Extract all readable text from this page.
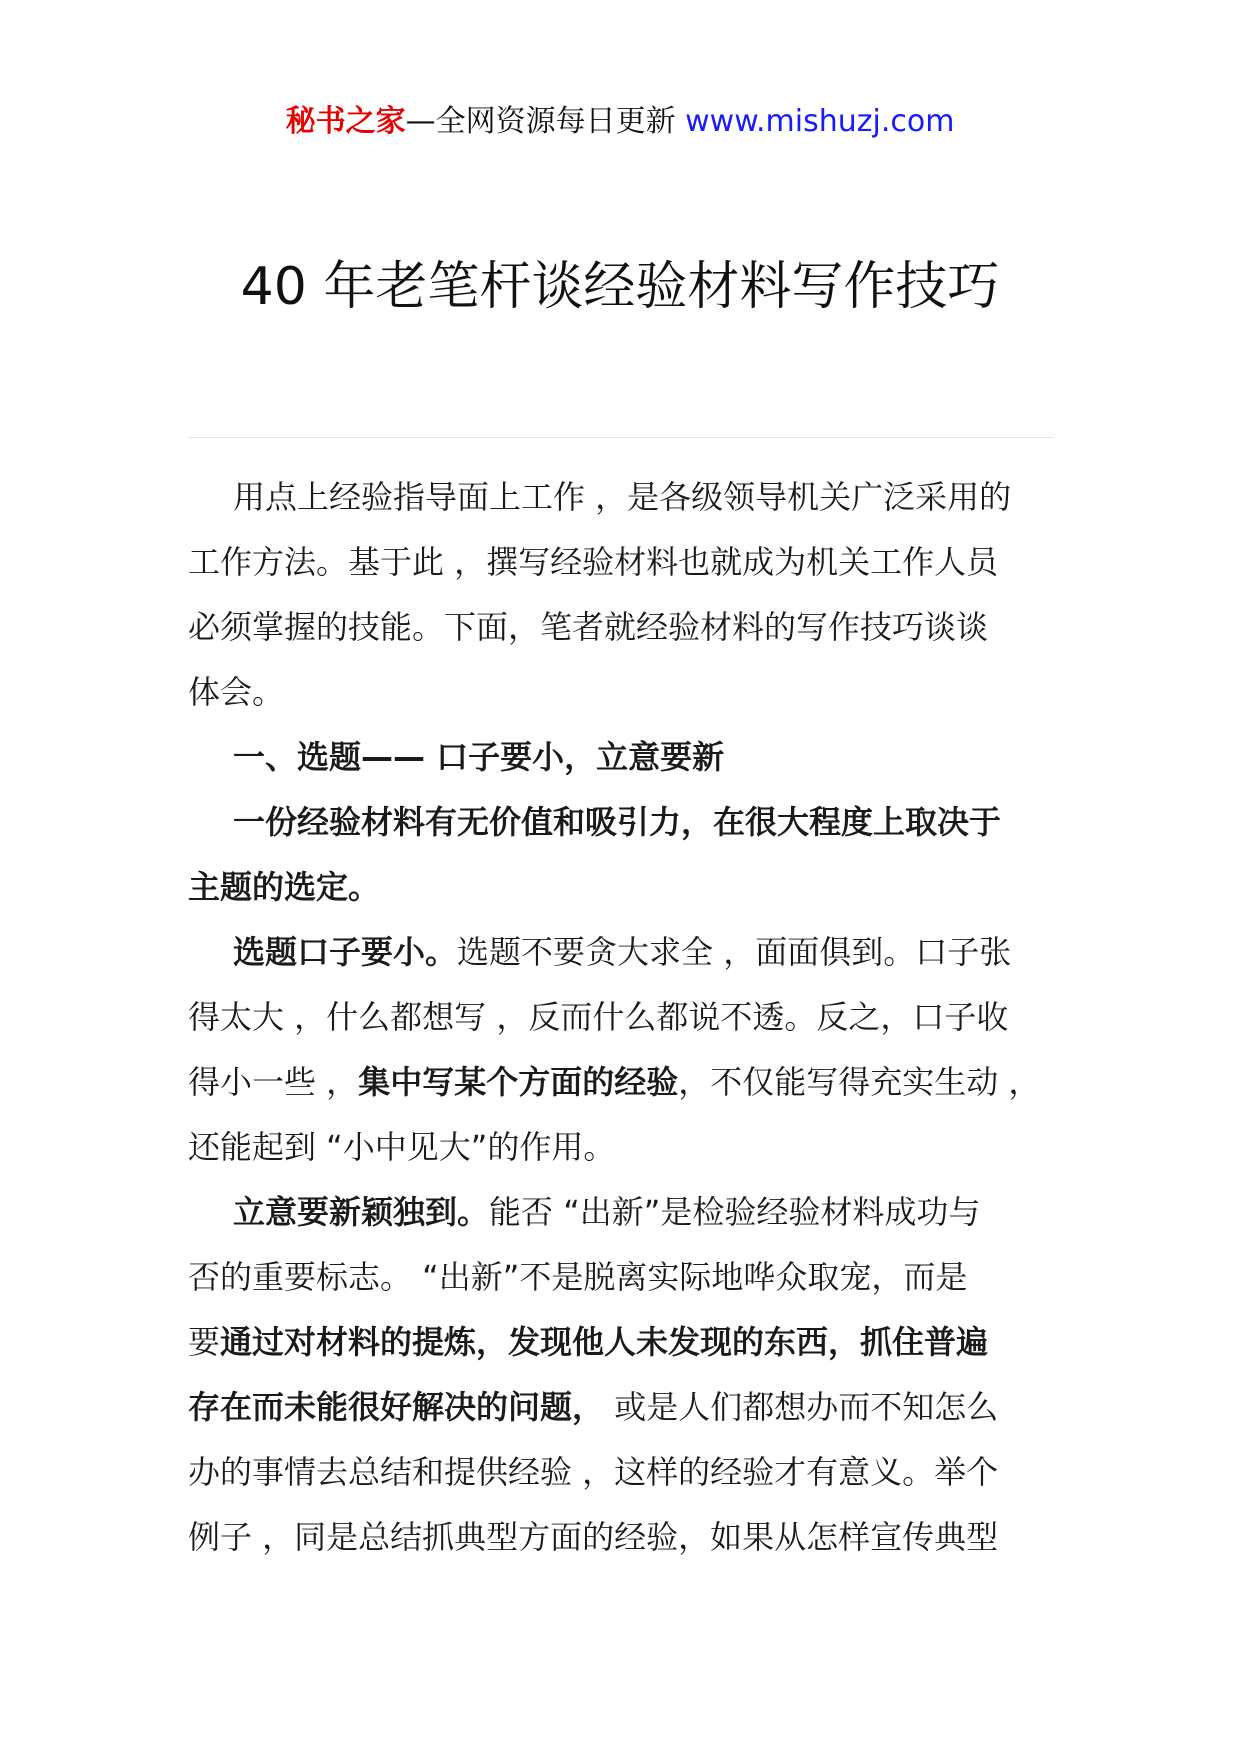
秘书之家—全网资源每日更新 www.mishuzj.com
40 年老笔杆谈经验材料写作技巧
用点上经验指导面上工作 ，是各级领导机关广泛采用的
工作方法。基于此 ，撰写经验材料也就成为机关工作人员
必须掌握的技能。下面，笔者就经验材料的写作技巧谈谈
体会。
一、选题—— 口子要小，立意要新
一份经验材料有无价值和吸引力，在很大程度上取决于
主题的选定。
选题口子要小。选题不要贪大求全 ，面面俱到。口子张
得太大 ，什么都想写 ，反而什么都说不透。反之，口子收
得小一些 ，集中写某个方面的经验，不仅能写得充实生动 ，
还能起到 “小中见大”的作用。
立意要新颖独到。能否 “出新”是检验经验材料成功与
否的重要标志。 “出新”不是脱离实际地哗众取宠，而是
要通过对材料的提炼，发现他人未发现的东西，抓住普遍
存在而未能很好解决的问题， 或是人们都想办而不知怎么
办的事情去总结和提供经验 ，这样的经验才有意义。举个
例子 ，同是总结抓典型方面的经验，如果从怎样宣传典型
